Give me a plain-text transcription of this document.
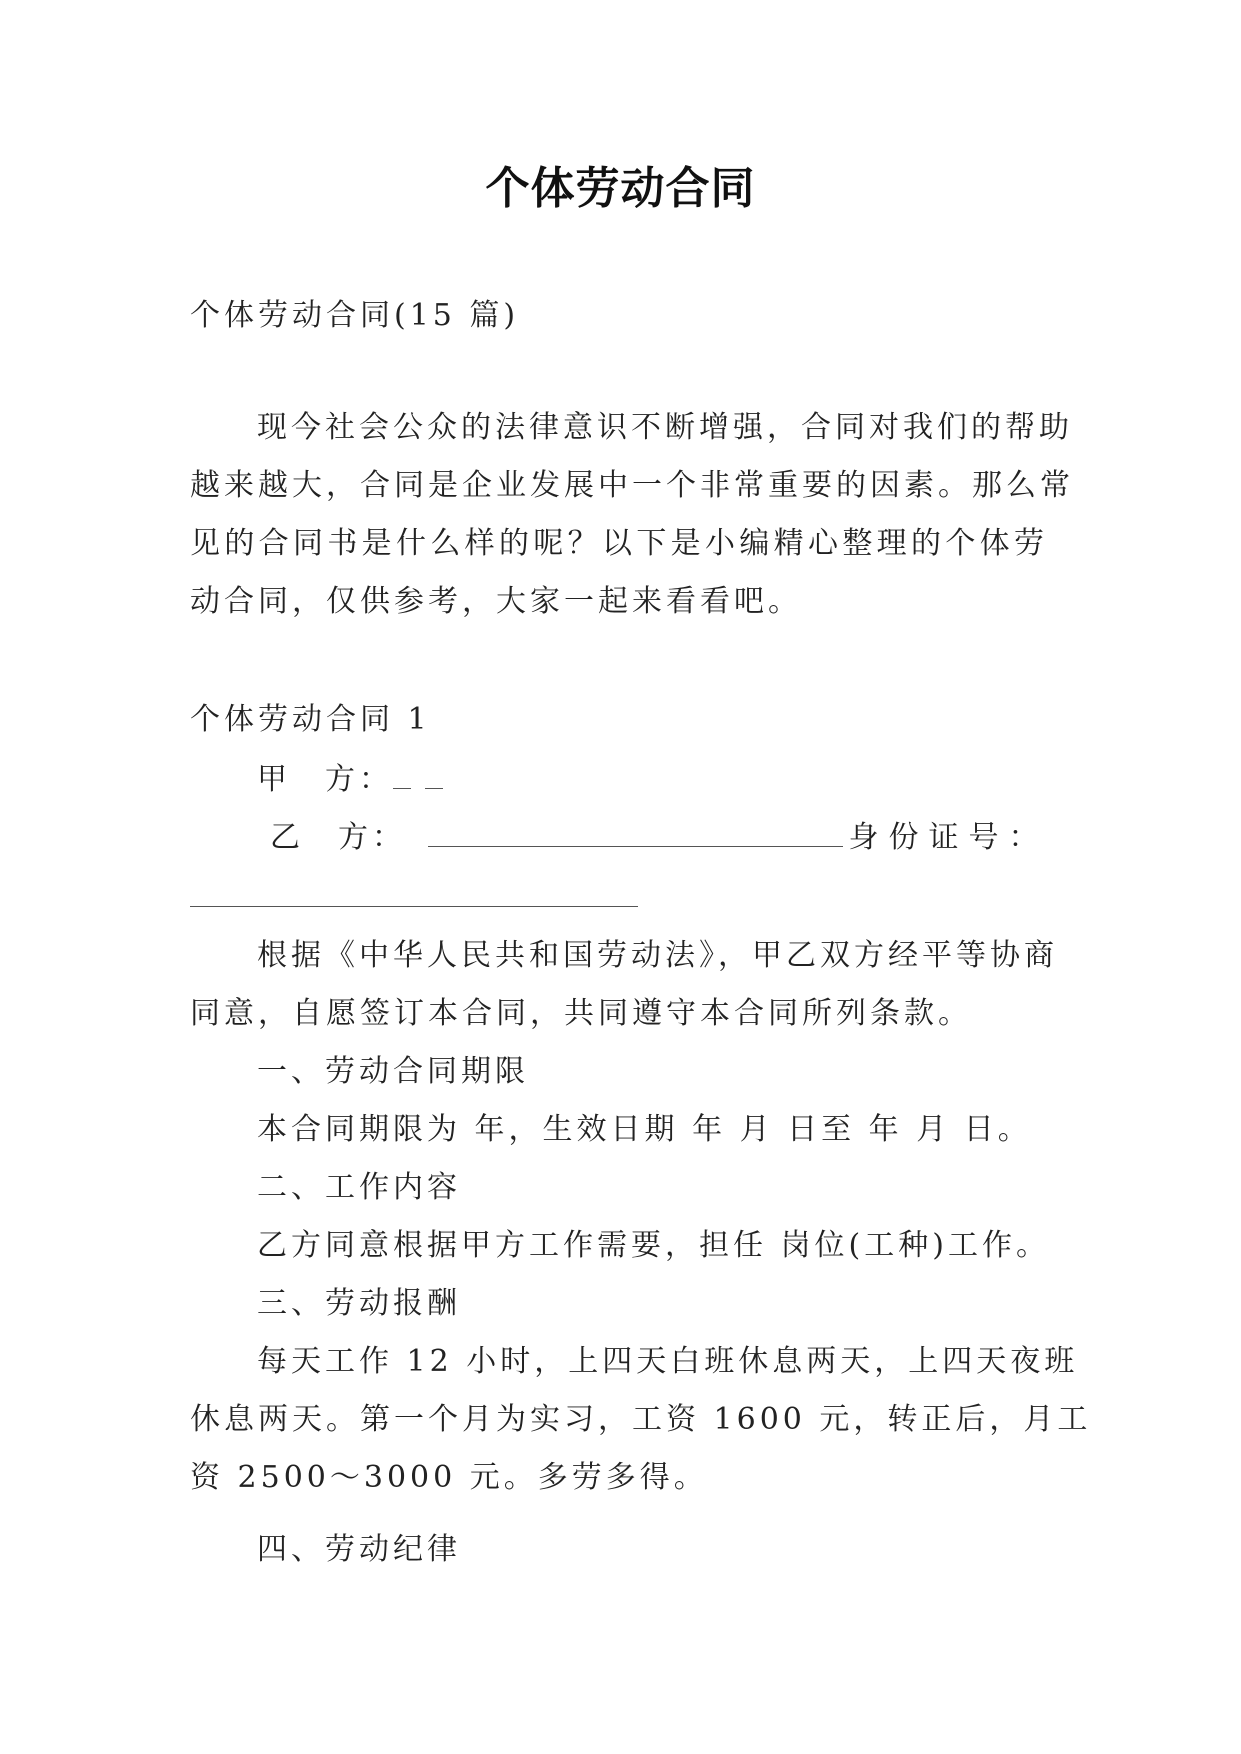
个体劳动合同
个体劳动合同(15 篇)
现今社会公众的法律意识不断增强，合同对我们的帮助
越来越大，合同是企业发展中一个非常重要的因素。那么常
见的合同书是什么样的呢？以下是小编精心整理的个体劳
动合同，仅供参考，大家一起来看看吧。
个体劳动合同 1
甲　方：
乙　方：	身份证号：
根据《中华人民共和国劳动法》，甲乙双方经平等协商
同意，自愿签订本合同，共同遵守本合同所列条款。
一、劳动合同期限
本合同期限为 年，生效日期 年 月 日至 年 月 日。
二、工作内容
乙方同意根据甲方工作需要，担任 岗位(工种)工作。
三、劳动报酬
每天工作 12 小时，上四天白班休息两天，上四天夜班
休息两天。第一个月为实习，工资 1600 元，转正后，月工
资 2500～3000 元。多劳多得。
四、劳动纪律
